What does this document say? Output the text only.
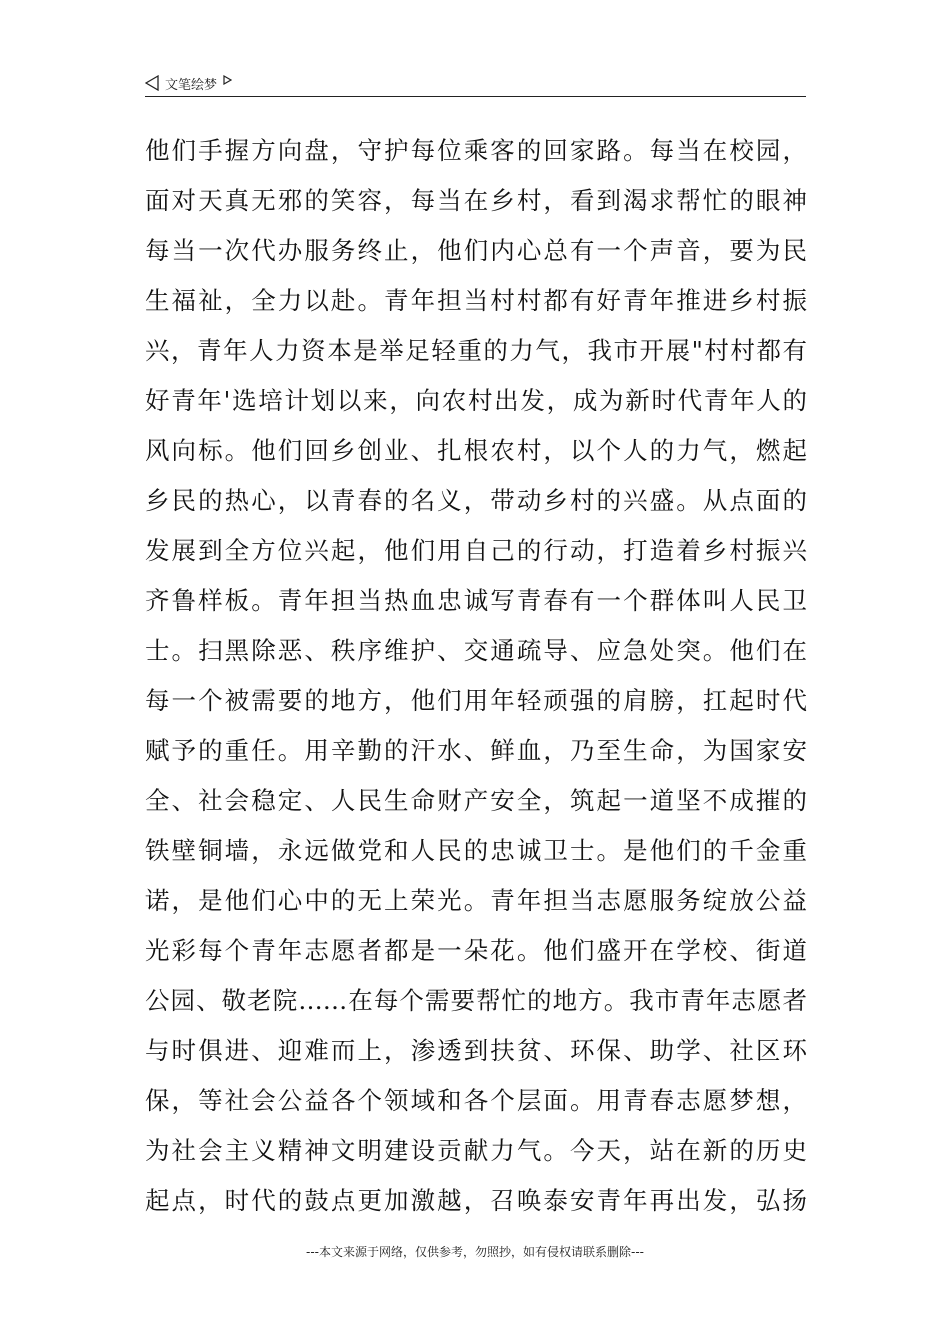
文笔绘梦
他们手握方向盘，守护每位乘客的回家路。每当在校园，
面对天真无邪的笑容，每当在乡村，看到渴求帮忙的眼神
每当一次代办服务终止，他们内心总有一个声音，要为民
生福祉，全力以赴。青年担当村村都有好青年推进乡村振
兴，青年人力资本是举足轻重的力气，我市开展"村村都有
好青年'选培计划以来，向农村出发，成为新时代青年人的
风向标。他们回乡创业、扎根农村，以个人的力气，燃起
乡民的热心，以青春的名义，带动乡村的兴盛。从点面的
发展到全方位兴起，他们用自己的行动，打造着乡村振兴
齐鲁样板。青年担当热血忠诚写青春有一个群体叫人民卫
士。扫黑除恶、秩序维护、交通疏导、应急处突。他们在
每一个被需要的地方，他们用年轻顽强的肩膀，扛起时代
赋予的重任。用辛勤的汗水、鲜血，乃至生命，为国家安
全、社会稳定、人民生命财产安全，筑起一道坚不成摧的
铁壁铜墙，永远做党和人民的忠诚卫士。是他们的千金重
诺，是他们心中的无上荣光。青年担当志愿服务绽放公益
光彩每个青年志愿者都是一朵花。他们盛开在学校、街道
公园、敬老院……在每个需要帮忙的地方。我市青年志愿者
与时俱进、迎难而上，渗透到扶贫、环保、助学、社区环
保，等社会公益各个领域和各个层面。用青春志愿梦想，
为社会主义精神文明建设贡献力气。今天，站在新的历史
起点，时代的鼓点更加激越，召唤泰安青年再出发，弘扬
---本文来源于网络，仅供参考，勿照抄，如有侵权请联系删除---
